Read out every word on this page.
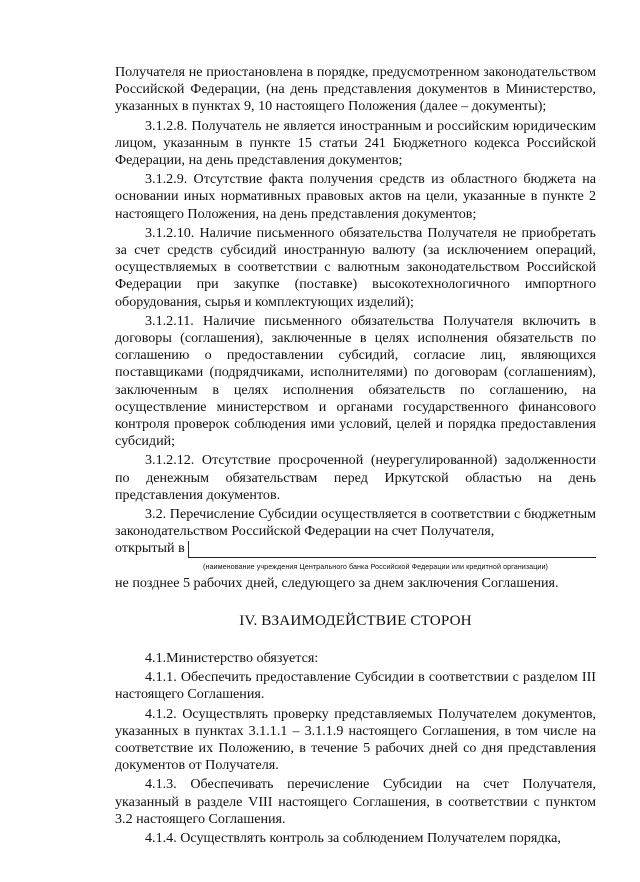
Получателя не приостановлена в порядке, предусмотренном законодательством Российской Федерации, (на день представления документов в Министерство, указанных в пунктах 9, 10 настоящего Положения (далее – документы);

3.1.2.8. Получатель не является иностранным и российским юридическим лицом, указанным в пункте 15 статьи 241 Бюджетного кодекса Российской Федерации, на день представления документов;

3.1.2.9. Отсутствие факта получения средств из областного бюджета на основании иных нормативных правовых актов на цели, указанные в пункте 2 настоящего Положения, на день представления документов;

3.1.2.10. Наличие письменного обязательства Получателя не приобретать за счет средств субсидий иностранную валюту (за исключением операций, осуществляемых в соответствии с валютным законодательством Российской Федерации при закупке (поставке) высокотехнологичного импортного оборудования, сырья и комплектующих изделий);

3.1.2.11. Наличие письменного обязательства Получателя включить в договоры (соглашения), заключенные в целях исполнения обязательств по соглашению о предоставлении субсидий, согласие лиц, являющихся поставщиками (подрядчиками, исполнителями) по договорам (соглашениям), заключенным в целях исполнения обязательств по соглашению, на осуществление министерством и органами государственного финансового контроля проверок соблюдения ими условий, целей и порядка предоставления субсидий;

3.1.2.12. Отсутствие просроченной (неурегулированной) задолженности по денежным обязательствам перед Иркутской областью на день представления документов.

3.2. Перечисление Субсидии осуществляется в соответствии с бюджетным законодательством Российской Федерации на счет Получателя,

открытый в
(наименование учреждения Центрального банка Российской Федерации или кредитной организации)

не позднее 5 рабочих дней, следующего за днем заключения Соглашения.

IV. ВЗАИМОДЕЙСТВИЕ СТОРОН

4.1.Министерство обязуется:

4.1.1. Обеспечить предоставление Субсидии в соответствии с разделом III настоящего Соглашения.

4.1.2. Осуществлять проверку представляемых Получателем документов, указанных в пунктах 3.1.1.1 – 3.1.1.9 настоящего Соглашения, в том числе на соответствие их Положению, в течение 5 рабочих дней со дня представления документов от Получателя.

4.1.3. Обеспечивать перечисление Субсидии на счет Получателя, указанный в разделе VIII настоящего Соглашения, в соответствии с пунктом 3.2 настоящего Соглашения.

4.1.4. Осуществлять контроль за соблюдением Получателем порядка,
